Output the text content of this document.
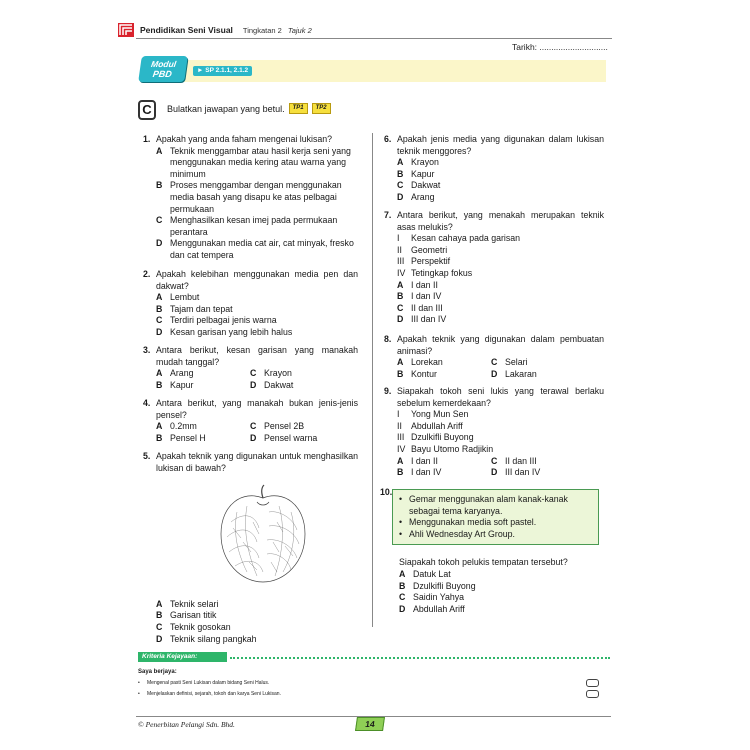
Pendidikan Seni Visual Tingkatan 2 Tajuk 2
Tarikh: .............................
Modul
PBD	► SP 2.1.1, 2.1.2
C	Bulatkan jawapan yang betul.	TP1	TP2
1. Apakah yang anda faham mengenai lukisan?
A Teknik menggambar atau hasil kerja seni yang menggunakan media kering atau warna yang minimum
B Proses menggambar dengan menggunakan media basah yang disapu ke atas pelbagai permukaan
C Menghasilkan kesan imej pada permukaan perantara
D Menggunakan media cat air, cat minyak, fresko dan cat tempera
2. Apakah kelebihan menggunakan media pen dan dakwat?
A Lembut
B Tajam dan tepat
C Terdiri pelbagai jenis warna
D Kesan garisan yang lebih halus
3. Antara berikut, kesan garisan yang manakah mudah tanggal?
A Arang	C Krayon
B Kapur	D Dakwat
4. Antara berikut, yang manakah bukan jenis-jenis pensel?
A 0.2mm	C Pensel 2B
B Pensel H	D Pensel warna
5. Apakah teknik yang digunakan untuk menghasilkan lukisan di bawah?
A Teknik selari
B Garisan titik
C Teknik gosokan
D Teknik silang pangkah
6. Apakah jenis media yang digunakan dalam lukisan teknik menggores?
A Krayon
B Kapur
C Dakwat
D Arang
7. Antara berikut, yang menakah merupakan teknik asas melukis?
I	Kesan cahaya pada garisan
II	Geometri
III Perspektif
IV Tetingkap fokus
A I dan II
B I dan IV
C II dan III
D III dan IV
8. Apakah teknik yang digunakan dalam pembuatan animasi?
A Lorekan	C Selari
B Kontur	D Lakaran
9. Siapakah tokoh seni lukis yang terawal berlaku sebelum kemerdekaan?
I	Yong Mun Sen
II	Abdullah Ariff
III Dzulkifli Buyong
IV Bayu Utomo Radjikin
A I dan II	C II dan III
B I dan IV	D III dan IV
10.
• Gemar menggunakan alam kanak-kanak sebagai tema karyanya.
• Menggunakan media soft pastel.
• Ahli Wednesday Art Group.
Siapakah tokoh pelukis tempatan tersebut?
A Datuk Lat
B Dzulkifli Buyong
C Saidin Yahya
D Abdullah Ariff
Kriteria Kejayaan:
Saya berjaya:
•	Mengenal pasti Seni Lukisan dalam bidang Seni Halus.
•	Menjelaskan definisi, sejarah, tokoh dan karya Seni Lukisan.
© Penerbitan Pelangi Sdn. Bhd.	14
